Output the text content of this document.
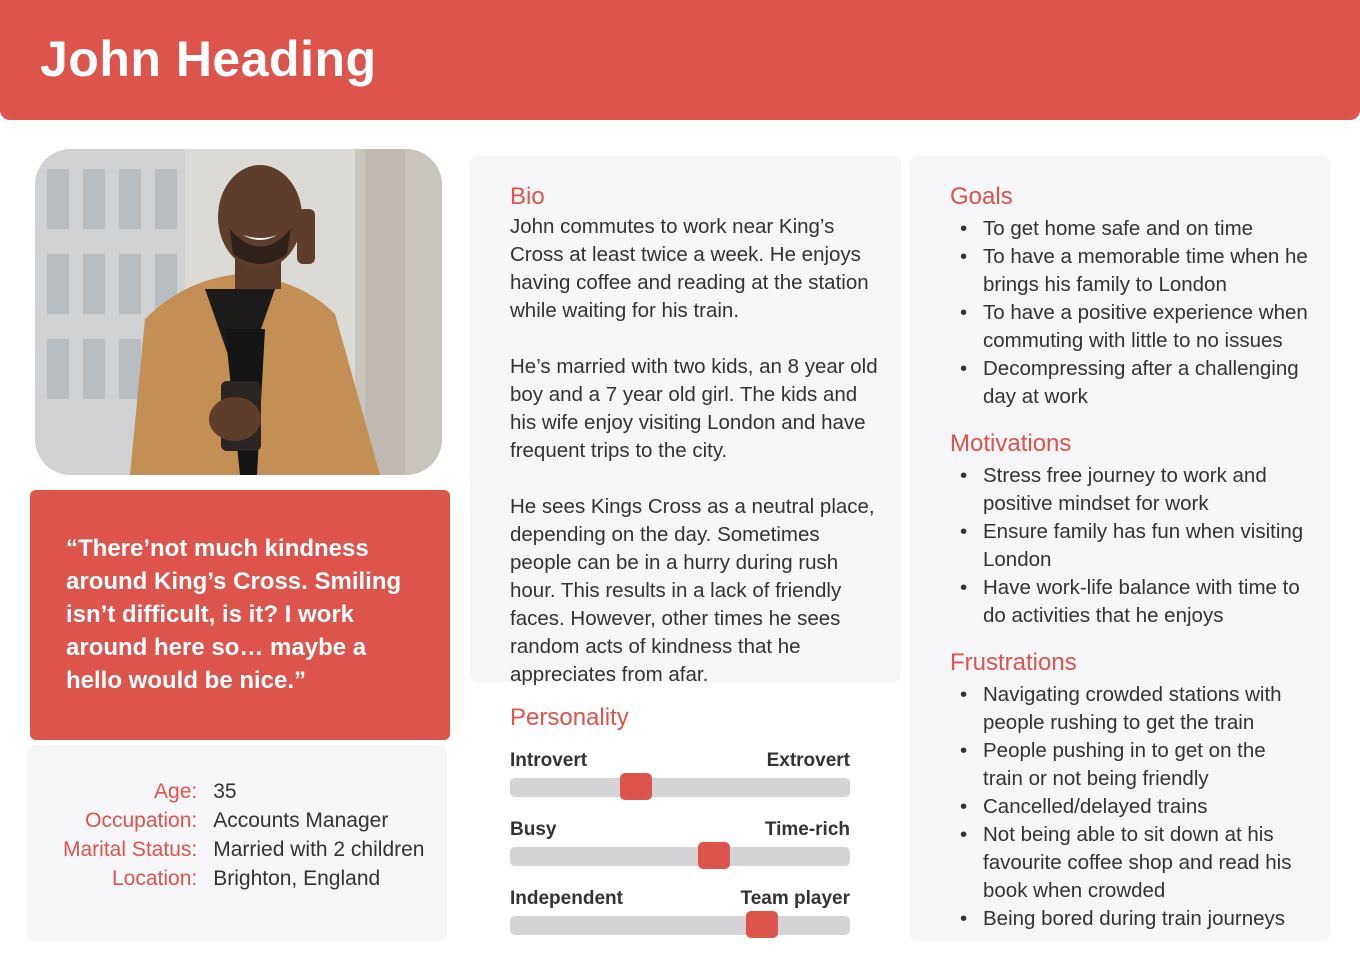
John Heading

“There’not much kindness around King’s Cross. Smiling isn’t difficult, is it? I work around here so… maybe a hello would be nice.”

Age:	35
Occupation:	Accounts Manager
Marital Status:	Married with 2 children
Location:	Brighton, England
Bio

John commutes to work near King’s Cross at least twice a week. He enjoys having coffee and reading at the station while waiting for his train.

He’s married with two kids, an 8 year old boy and a 7 year old girl. The kids and his wife enjoy visiting London and have frequent trips to the city.

He sees Kings Cross as a neutral place, depending on the day. Sometimes people can be in a hurry during rush hour. This results in a lack of friendly faces. However, other times he sees random acts of kindness that he appreciates from afar.

Personality
Introvert	Extrovert
Busy	Time-rich
Independent	Team player
Goals
• To get home safe and on time
• To have a memorable time when he brings his family to London
• To have a positive experience when commuting with little to no issues
• Decompressing after a challenging day at work
Motivations
• Stress free journey to work and positive mindset for work
• Ensure family has fun when visiting London
• Have work-life balance with time to do activities that he enjoys
Frustrations
• Navigating crowded stations with people rushing to get the train
• People pushing in to get on the train or not being friendly
• Cancelled/delayed trains
• Not being able to sit down at his favourite coffee shop and read his book when crowded
• Being bored during train journeys
